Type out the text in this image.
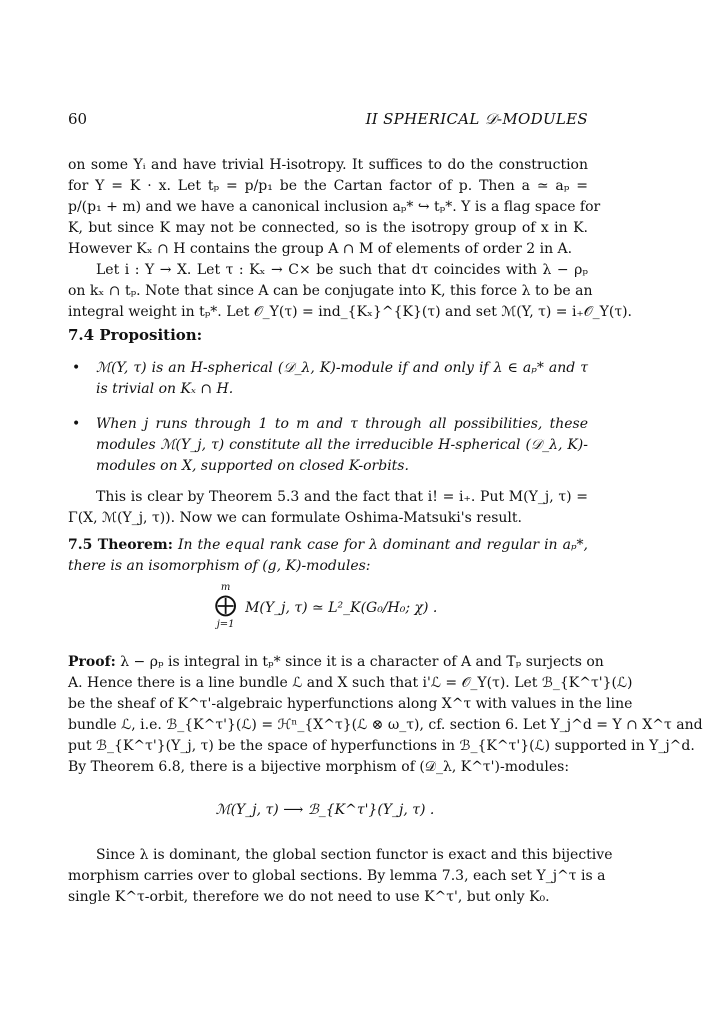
60	II SPHERICAL 𝒟-MODULES
on some Yᵢ and have trivial H-isotropy. It suffices to do the construction
for Y = K · x. Let tₚ = p/p₁ be the Cartan factor of p. Then a ≃ aₚ =
p/(p₁ + m) and we have a canonical inclusion aₚ* ↪ tₚ*. Y is a flag space for
K, but since K may not be connected, so is the isotropy group of x in K.
However Kₓ ∩ H contains the group A ∩ M of elements of order 2 in A.
Let i : Y → X. Let τ : Kₓ → C× be such that dτ coincides with λ − ρₚ
on kₓ ∩ tₚ. Note that since A can be conjugate into K, this force λ to be an
integral weight in tₚ*. Let 𝒪_Y(τ) = ind_{Kₓ}^{K}(τ) and set ℳ(Y, τ) = i₊𝒪_Y(τ).
7.4 Proposition:
• ℳ(Y, τ) is an H-spherical (𝒟_λ, K)-module if and only if λ ∈ aₚ* and τ
is trivial on Kₓ ∩ H.
• When j runs through 1 to m and τ through all possibilities, these
modules ℳ(Y_j, τ) constitute all the irreducible H-spherical (𝒟_λ, K)-
modules on X, supported on closed K-orbits.
This is clear by Theorem 5.3 and the fact that i! = i₊. Put M(Y_j, τ) =
Γ(X, ℳ(Y_j, τ)). Now we can formulate Oshima-Matsuki's result.
7.5 Theorem: In the equal rank case for λ dominant and regular in aₚ*,
there is an isomorphism of (g, K)-modules:
m
⨁
j=1
M(Y_j, τ) ≃ L²_K(G₀/H₀; χ) .
Proof: λ − ρₚ is integral in tₚ* since it is a character of A and Tₚ surjects on
A. Hence there is a line bundle ℒ and X such that i'ℒ = 𝒪_Y(τ). Let ℬ_{K^τ'}(ℒ)
be the sheaf of K^τ'-algebraic hyperfunctions along X^τ with values in the line
bundle ℒ, i.e. ℬ_{K^τ'}(ℒ) = ℋⁿ_{X^τ}(ℒ ⊗ ω_τ), cf. section 6. Let Y_j^d = Y ∩ X^τ and
put ℬ_{K^τ'}(Y_j, τ) be the space of hyperfunctions in ℬ_{K^τ'}(ℒ) supported in Y_j^d.
By Theorem 6.8, there is a bijective morphism of (𝒟_λ, K^τ')-modules:
ℳ(Y_j, τ) ⟶ ℬ_{K^τ'}(Y_j, τ) .
Since λ is dominant, the global section functor is exact and this bijective
morphism carries over to global sections. By lemma 7.3, each set Y_j^τ is a
single K^τ-orbit, therefore we do not need to use K^τ', but only K₀.
